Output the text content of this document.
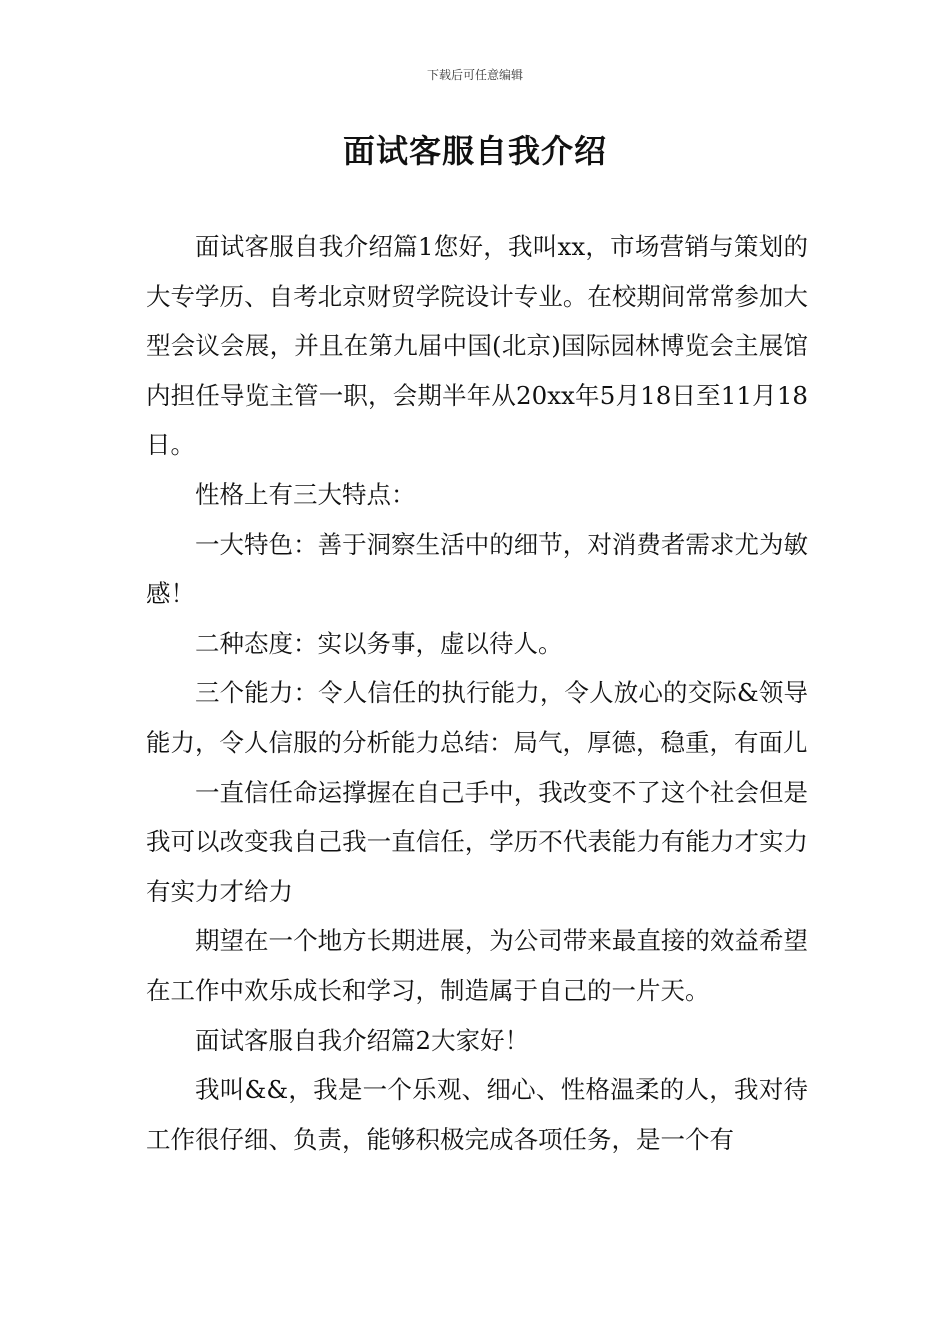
下载后可任意编辑
面试客服自我介绍

面试客服自我介绍篇1您好，我叫xx，市场营销与策划的大专学历、自考北京财贸学院设计专业。在校期间常常参加大型会议会展，并且在第九届中国(北京)国际园林博览会主展馆内担任导览主管一职，会期半年从20xx年5月18日至11月18日。

性格上有三大特点：

一大特色：善于洞察生活中的细节，对消费者需求尤为敏感！

二种态度：实以务事，虚以待人。

三个能力：令人信任的执行能力，令人放心的交际&领导能力，令人信服的分析能力总结：局气，厚德，稳重，有面儿

一直信任命运撑握在自己手中，我改变不了这个社会但是我可以改变我自己我一直信任，学历不代表能力有能力才实力有实力才给力

期望在一个地方长期进展，为公司带来最直接的效益希望在工作中欢乐成长和学习，制造属于自己的一片天。

面试客服自我介绍篇2大家好！

我叫&&，我是一个乐观、细心、性格温柔的人，我对待工作很仔细、负责，能够积极完成各项任务，是一个有
